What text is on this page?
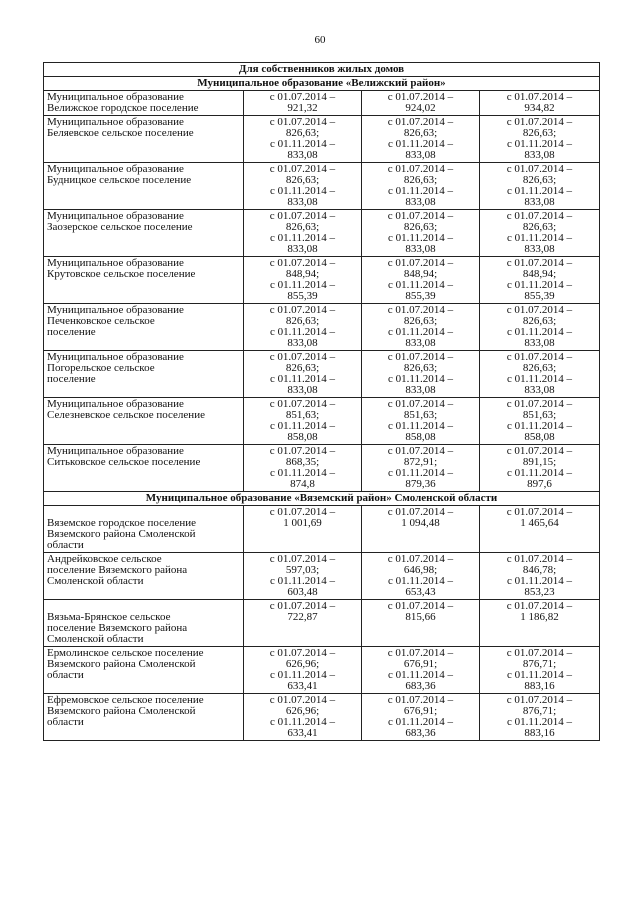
60
Для собственников жилых домов			
Муниципальное образование «Велижский район»			

Муниципальное образование
Велижское городское поселение	с 01.07.2014 –
921,32	с 01.07.2014 –
924,02	с 01.07.2014 –
934,82

Муниципальное образование
Беляевское сельское поселение	с 01.07.2014 –
826,63;
с 01.11.2014 –
833,08	с 01.07.2014 –
826,63;
с 01.11.2014 –
833,08	с 01.07.2014 –
826,63;
с 01.11.2014 –
833,08

Муниципальное образование
Будницкое сельское поселение	с 01.07.2014 –
826,63;
с 01.11.2014 –
833,08	с 01.07.2014 –
826,63;
с 01.11.2014 –
833,08	с 01.07.2014 –
826,63;
с 01.11.2014 –
833,08

Муниципальное образование
Заозерское сельское поселение	с 01.07.2014 –
826,63;
с 01.11.2014 –
833,08	с 01.07.2014 –
826,63;
с 01.11.2014 –
833,08	с 01.07.2014 –
826,63;
с 01.11.2014 –
833,08

Муниципальное образование
Крутовское сельское поселение	с 01.07.2014 –
848,94;
с 01.11.2014 –
855,39	с 01.07.2014 –
848,94;
с 01.11.2014 –
855,39	с 01.07.2014 –
848,94;
с 01.11.2014 –
855,39

Муниципальное образование
Печенковское сельское
поселение	с 01.07.2014 –
826,63;
с 01.11.2014 –
833,08	с 01.07.2014 –
826,63;
с 01.11.2014 –
833,08	с 01.07.2014 –
826,63;
с 01.11.2014 –
833,08

Муниципальное образование
Погорельское сельское
поселение	с 01.07.2014 –
826,63;
с 01.11.2014 –
833,08	с 01.07.2014 –
826,63;
с 01.11.2014 –
833,08	с 01.07.2014 –
826,63;
с 01.11.2014 –
833,08

Муниципальное образование
Селезневское сельское поселение	с 01.07.2014 –
851,63;
с 01.11.2014 –
858,08	с 01.07.2014 –
851,63;
с 01.11.2014 –
858,08	с 01.07.2014 –
851,63;
с 01.11.2014 –
858,08

Муниципальное образование
Ситьковское сельское поселение	с 01.07.2014 –
868,35;
с 01.11.2014 –
874,8	с 01.07.2014 –
872,91;
с 01.11.2014 –
879,36	с 01.07.2014 –
891,15;
с 01.11.2014 –
897,6

Муниципальное образование «Вяземский район» Смоленской области			

Вяземское городское поселение
Вяземского района Смоленской
области	с 01.07.2014 –
1 001,69	с 01.07.2014 –
1 094,48	с 01.07.2014 –
1 465,64

Андрейковское сельское
поселение Вяземского района
Смоленской области	с 01.07.2014 –
597,03;
с 01.11.2014 –
603,48	с 01.07.2014 –
646,98;
с 01.11.2014 –
653,43	с 01.07.2014 –
846,78;
с 01.11.2014 –
853,23

Вязьма-Брянское сельское
поселение Вяземского района
Смоленской области	с 01.07.2014 –
722,87	с 01.07.2014 –
815,66	с 01.07.2014 –
1 186,82

Ермолинское сельское поселение
Вяземского района Смоленской
области	с 01.07.2014 –
626,96;
с 01.11.2014 –
633,41	с 01.07.2014 –
676,91;
с 01.11.2014 –
683,36	с 01.07.2014 –
876,71;
с 01.11.2014 –
883,16

Ефремовское сельское поселение
Вяземского района Смоленской
области	с 01.07.2014 –
626,96;
с 01.11.2014 –
633,41	с 01.07.2014 –
676,91;
с 01.11.2014 –
683,36	с 01.07.2014 –
876,71;
с 01.11.2014 –
883,16
